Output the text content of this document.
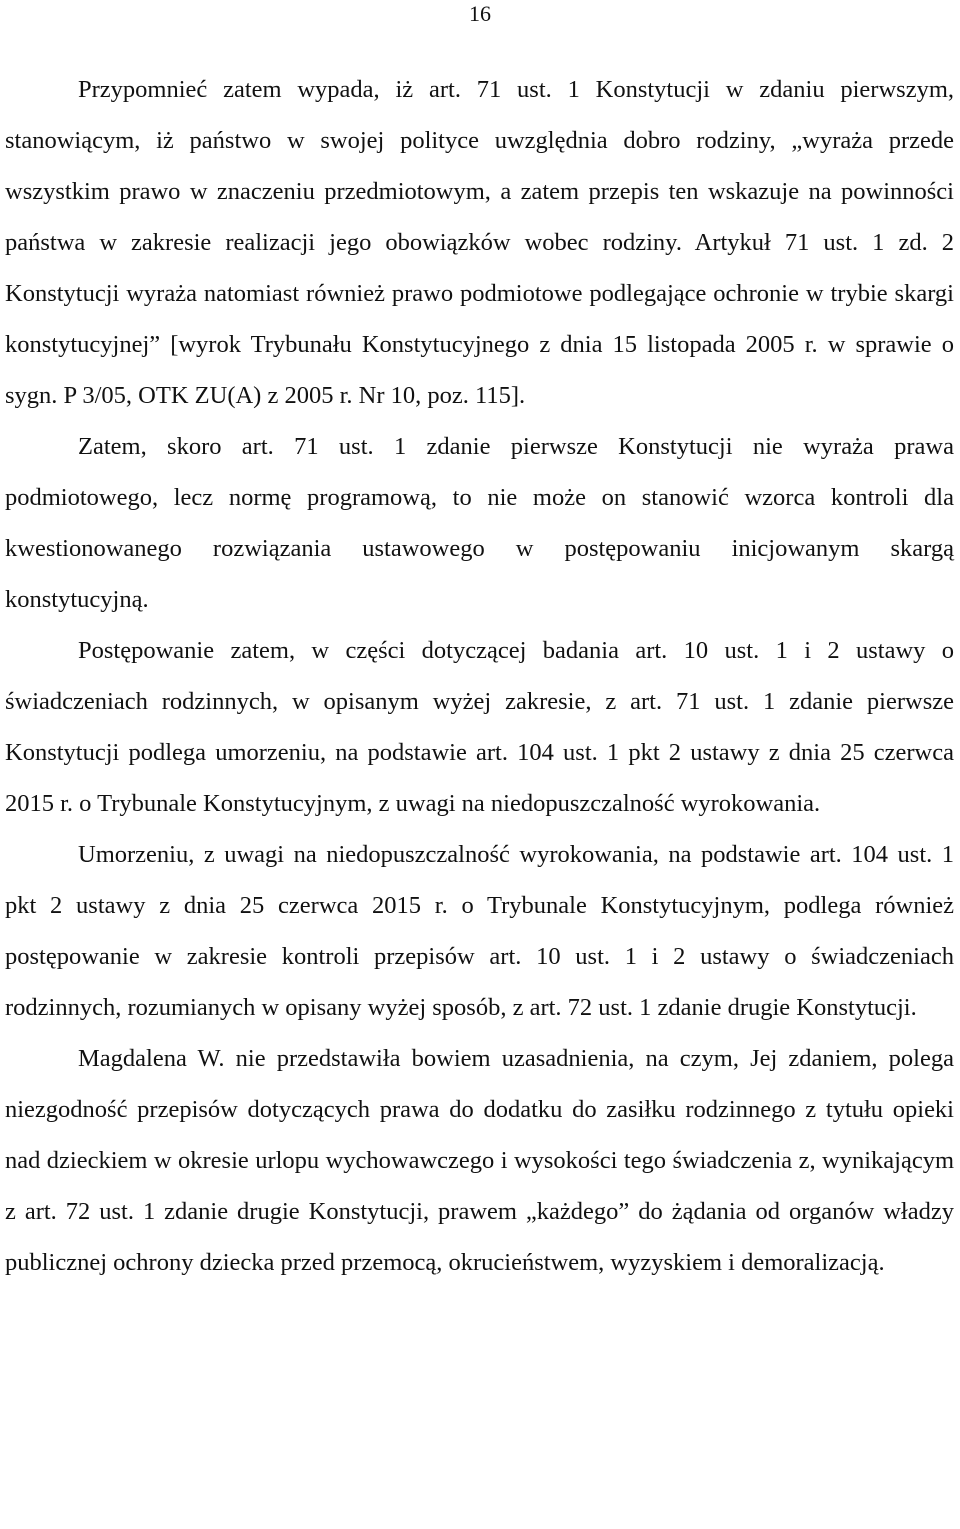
16

Przypomnieć zatem wypada, iż art. 71 ust. 1 Konstytucji w zdaniu pierwszym, stanowiącym, iż państwo w swojej polityce uwzględnia dobro rodziny, „wyraża przede wszystkim prawo w znaczeniu przedmiotowym, a zatem przepis ten wskazuje na powinności państwa w zakresie realizacji jego obowiązków wobec rodziny. Artykuł 71 ust. 1 zd. 2 Konstytucji wyraża natomiast również prawo podmiotowe podlegające ochronie w trybie skargi konstytucyjnej” [wyrok Trybunału Konstytucyjnego z dnia 15 listopada 2005 r. w sprawie o sygn. P 3/05, OTK ZU(A) z 2005 r. Nr 10, poz. 115].

Zatem, skoro art. 71 ust. 1 zdanie pierwsze Konstytucji nie wyraża prawa podmiotowego, lecz normę programową, to nie może on stanowić wzorca kontroli dla kwestionowanego rozwiązania ustawowego w postępowaniu inicjowanym skargą konstytucyjną.

Postępowanie zatem, w części dotyczącej badania art. 10 ust. 1 i 2 ustawy o świadczeniach rodzinnych, w opisanym wyżej zakresie, z art. 71 ust. 1 zdanie pierwsze Konstytucji podlega umorzeniu, na podstawie art. 104 ust. 1 pkt 2 ustawy z dnia 25 czerwca 2015 r. o Trybunale Konstytucyjnym, z uwagi na niedopuszczalność wyrokowania.

Umorzeniu, z uwagi na niedopuszczalność wyrokowania, na podstawie art. 104 ust. 1 pkt 2 ustawy z dnia 25 czerwca 2015 r. o Trybunale Konstytucyjnym, podlega również postępowanie w zakresie kontroli przepisów art. 10 ust. 1 i 2 ustawy o świadczeniach rodzinnych, rozumianych w opisany wyżej sposób, z art. 72 ust. 1 zdanie drugie Konstytucji.

Magdalena W. nie przedstawiła bowiem uzasadnienia, na czym, Jej zdaniem, polega niezgodność przepisów dotyczących prawa do dodatku do zasiłku rodzinnego z tytułu opieki nad dzieckiem w okresie urlopu wychowawczego i wysokości tego świadczenia z, wynikającym z art. 72 ust. 1 zdanie drugie Konstytucji, prawem „każdego” do żądania od organów władzy publicznej ochrony dziecka przed przemocą, okrucieństwem, wyzyskiem i demoralizacją.
